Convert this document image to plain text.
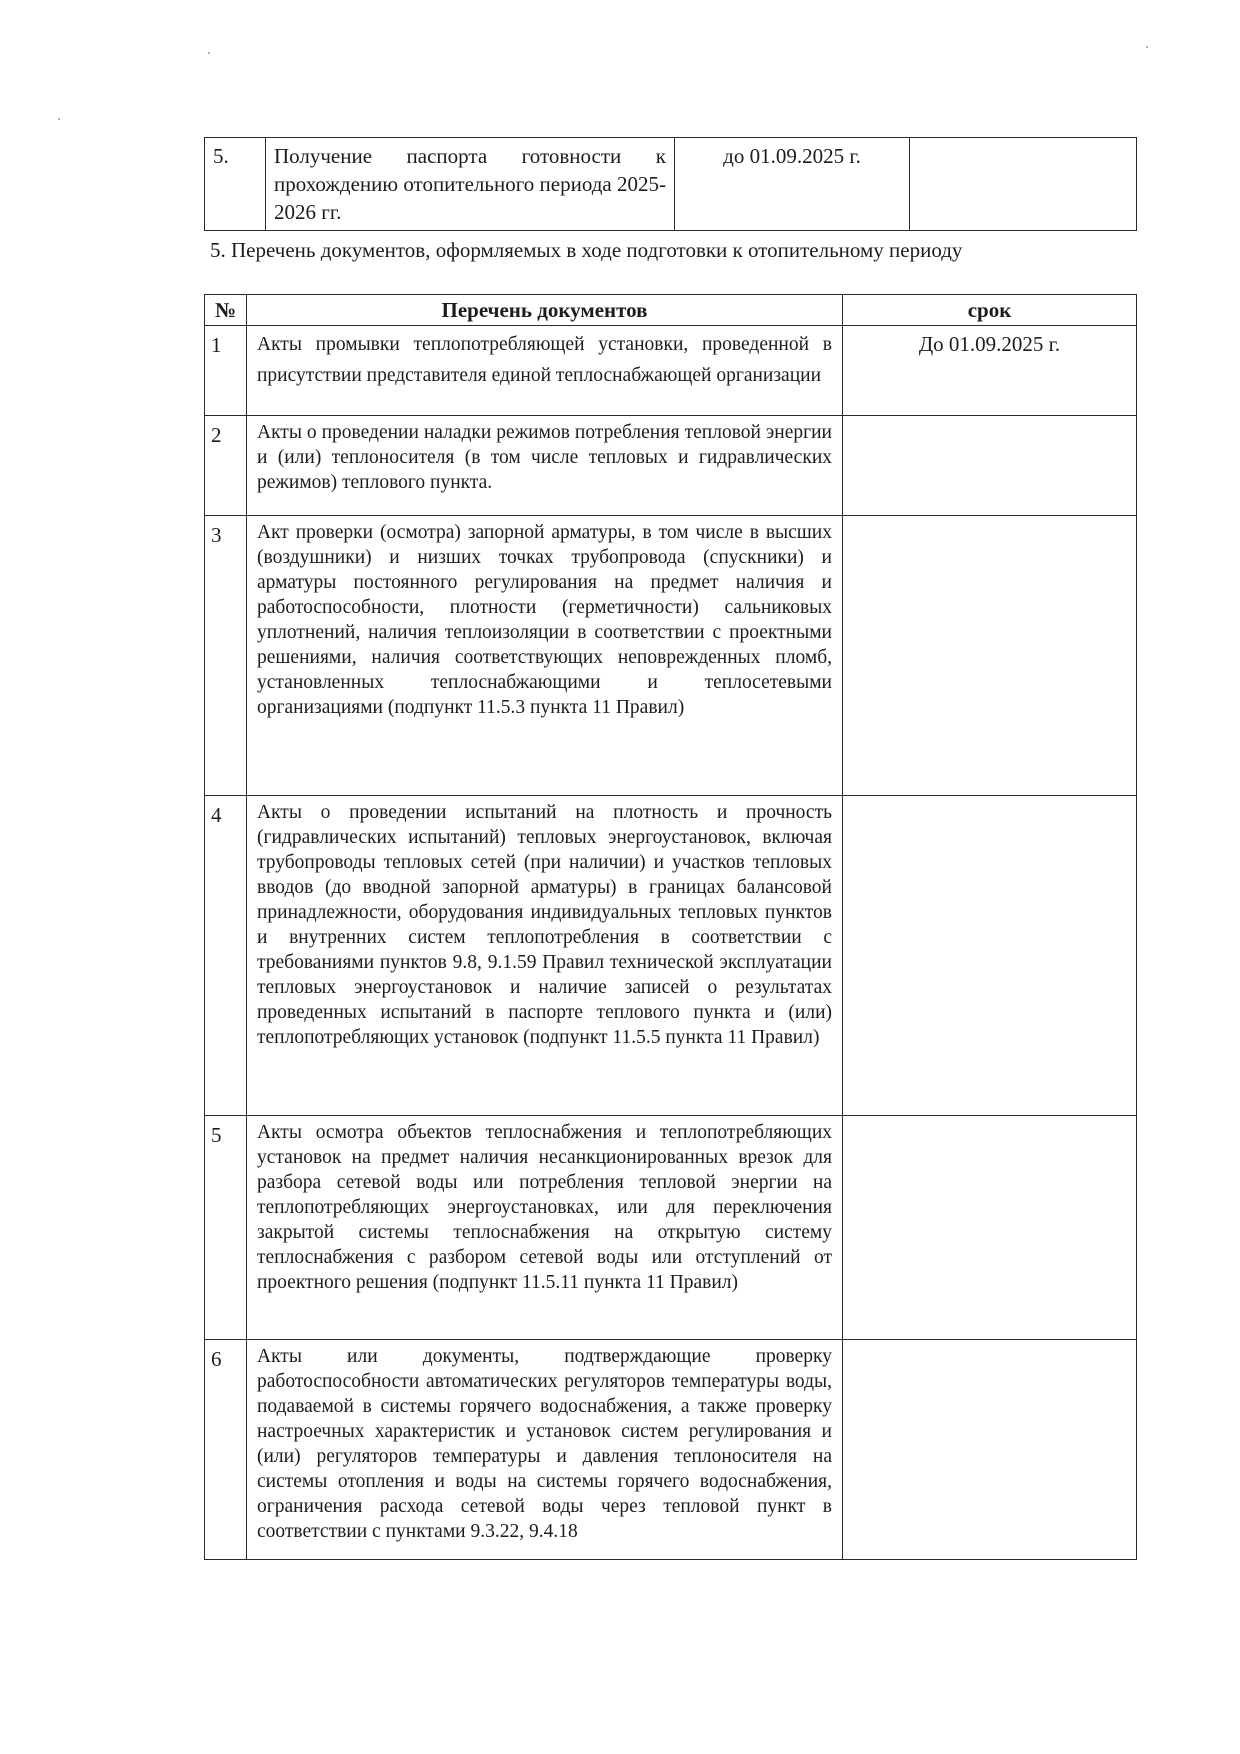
5.	Получение паспорта готовности к прохождению отопительного периода 2025-2026 гг.	до 01.09.2025 г.	
5. Перечень документов, оформляемых в ходе подготовки к отопительному периоду
№	Перечень документов	срок
1	Акты промывки теплопотребляющей установки, проведенной в присутствии представителя единой теплоснабжающей организации	До 01.09.2025 г.
2	Акты о проведении наладки режимов потребления тепловой энергии и (или) теплоносителя (в том числе тепловых и гидравлических режимов) теплового пункта.	
3	Акт проверки (осмотра) запорной арматуры, в том числе в высших (воздушники) и низших точках трубопровода (спускники) и арматуры постоянного регулирования на предмет наличия и работоспособности, плотности (герметичности) сальниковых уплотнений, наличия теплоизоляции в соответствии с проектными решениями, наличия соответствующих неповрежденных пломб, установленных теплоснабжающими и теплосетевыми организациями (подпункт 11.5.3 пункта 11 Правил)	
4	Акты о проведении испытаний на плотность и прочность (гидравлических испытаний) тепловых энергоустановок, включая трубопроводы тепловых сетей (при наличии) и участков тепловых вводов (до вводной запорной арматуры) в границах балансовой принадлежности, оборудования индивидуальных тепловых пунктов и внутренних систем теплопотребления в соответствии с требованиями пунктов 9.8, 9.1.59 Правил технической эксплуатации тепловых энергоустановок и наличие записей о результатах проведенных испытаний в паспорте теплового пункта и (или) теплопотребляющих установок (подпункт 11.5.5 пункта 11 Правил)	
5	Акты осмотра объектов теплоснабжения и теплопотребляющих установок на предмет наличия несанкционированных врезок для разбора сетевой воды или потребления тепловой энергии на теплопотребляющих энергоустановках, или для переключения закрытой системы теплоснабжения на открытую систему теплоснабжения с разбором сетевой воды или отступлений от проектного решения (подпункт 11.5.11 пункта 11 Правил)	
6	Акты или документы, подтверждающие проверку работоспособности автоматических регуляторов температуры воды, подаваемой в системы горячего водоснабжения, а также проверку настроечных характеристик и установок систем регулирования и (или) регуляторов температуры и давления теплоносителя на системы отопления и воды на системы горячего водоснабжения, ограничения расхода сетевой воды через тепловой пункт в соответствии с пунктами 9.3.22, 9.4.18	
